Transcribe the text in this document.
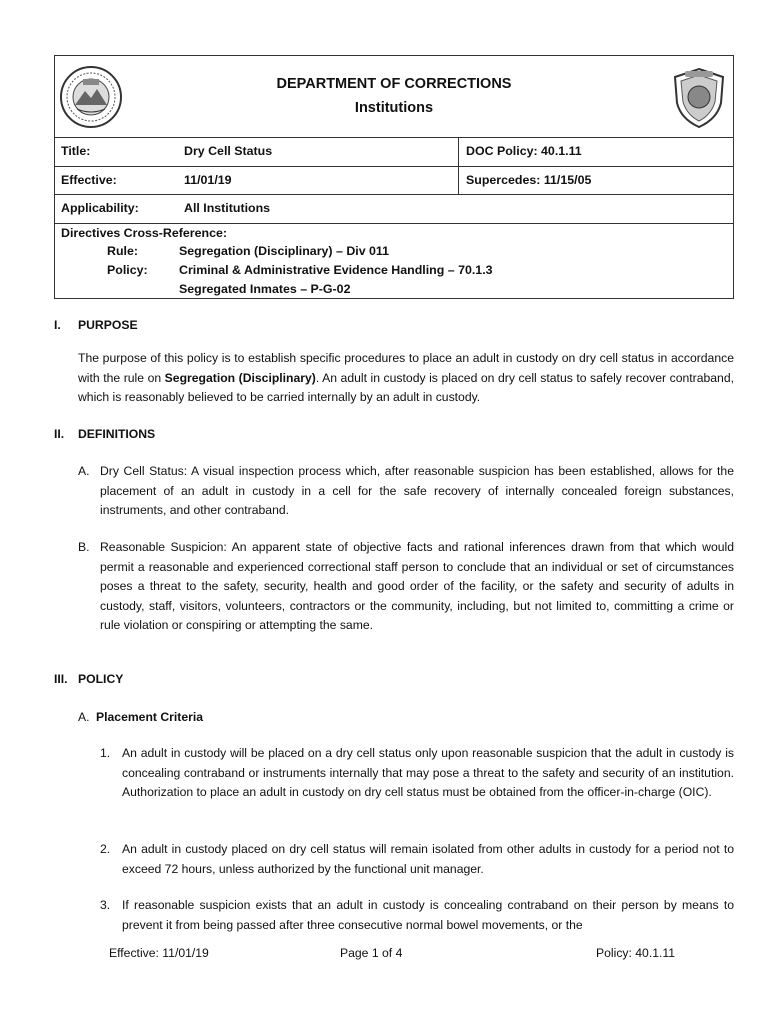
DEPARTMENT OF CORRECTIONS
Institutions
Title:	Dry Cell Status	DOC Policy: 40.1.11
Effective:	11/01/19	Supercedes: 11/15/05
Applicability:	All Institutions
Directives Cross-Reference:
Rule:	Segregation (Disciplinary) – Div 011
Policy:	Criminal & Administrative Evidence Handling – 70.1.3
Segregated Inmates – P-G-02
I. PURPOSE
The purpose of this policy is to establish specific procedures to place an adult in custody on dry cell status in accordance with the rule on Segregation (Disciplinary). An adult in custody is placed on dry cell status to safely recover contraband, which is reasonably believed to be carried internally by an adult in custody.
II. DEFINITIONS
A. Dry Cell Status: A visual inspection process which, after reasonable suspicion has been established, allows for the placement of an adult in custody in a cell for the safe recovery of internally concealed foreign substances, instruments, and other contraband.
B. Reasonable Suspicion: An apparent state of objective facts and rational inferences drawn from that which would permit a reasonable and experienced correctional staff person to conclude that an individual or set of circumstances poses a threat to the safety, security, health and good order of the facility, or the safety and security of adults in custody, staff, visitors, volunteers, contractors or the community, including, but not limited to, committing a crime or rule violation or conspiring or attempting the same.
III. POLICY
A. Placement Criteria
1. An adult in custody will be placed on a dry cell status only upon reasonable suspicion that the adult in custody is concealing contraband or instruments internally that may pose a threat to the safety and security of an institution. Authorization to place an adult in custody on dry cell status must be obtained from the officer-in-charge (OIC).
2. An adult in custody placed on dry cell status will remain isolated from other adults in custody for a period not to exceed 72 hours, unless authorized by the functional unit manager.
3. If reasonable suspicion exists that an adult in custody is concealing contraband on their person by means to prevent it from being passed after three consecutive normal bowel movements, or the
Effective: 11/01/19	Page 1 of 4	Policy: 40.1.11
